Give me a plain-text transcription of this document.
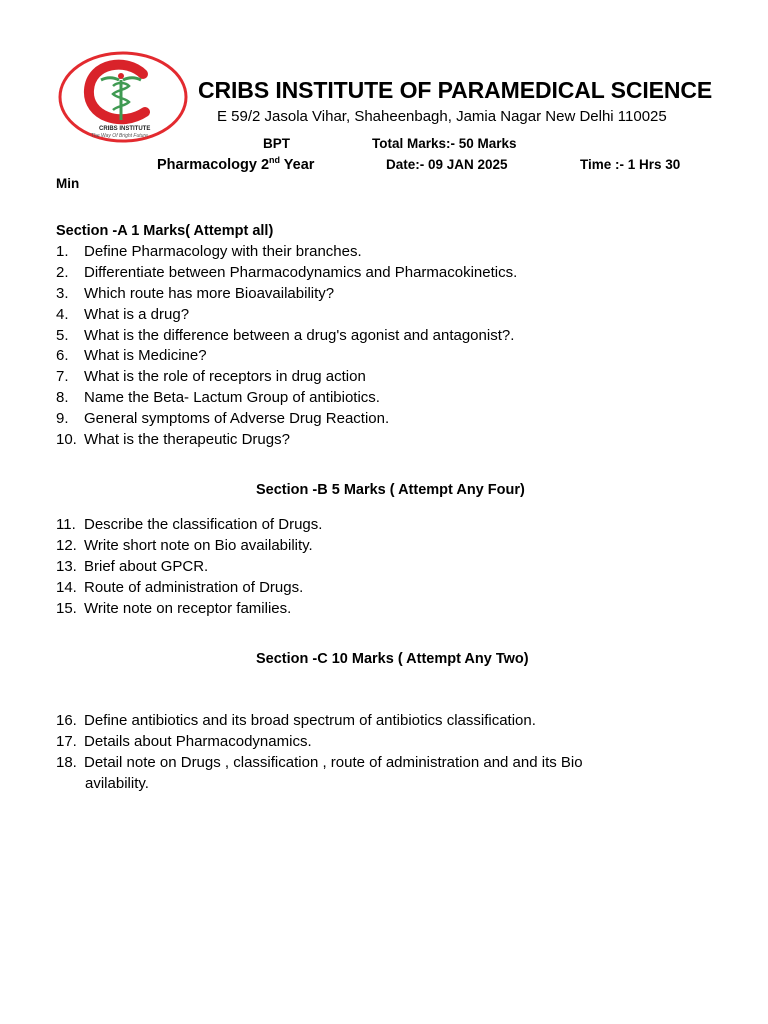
CRIBS INSTITUTE
The Way Of Bright Future
CRIBS INSTITUTE OF PARAMEDICAL SCIENCE
E 59/2 Jasola Vihar, Shaheenbagh, Jamia Nagar New Delhi 110025
BPT	Total Marks:- 50 Marks
Pharmacology 2nd Year	Date:- 09 JAN 2025	Time :- 1 Hrs 30
Min
Section -A 1 Marks( Attempt all)
1. Define Pharmacology with their branches.
2. Differentiate between Pharmacodynamics and Pharmacokinetics.
3. Which route has more Bioavailability?
4. What is a drug?
5. What is the difference between a drug's agonist and antagonist?.
6. What is Medicine?
7. What is the role of receptors in drug action
8. Name the Beta- Lactum Group of antibiotics.
9. General symptoms of Adverse Drug Reaction.
10. What is the therapeutic Drugs?
Section -B 5 Marks ( Attempt Any Four)
11. Describe the classification of Drugs.
12. Write short note on Bio availability.
13. Brief about GPCR.
14. Route of administration of Drugs.
15. Write note on receptor families.
Section -C 10 Marks ( Attempt Any Two)
16. Define antibiotics and its broad spectrum of antibiotics classification.
17. Details about Pharmacodynamics.
18. Detail note on Drugs , classification , route of administration and and its Bio
avilability.
